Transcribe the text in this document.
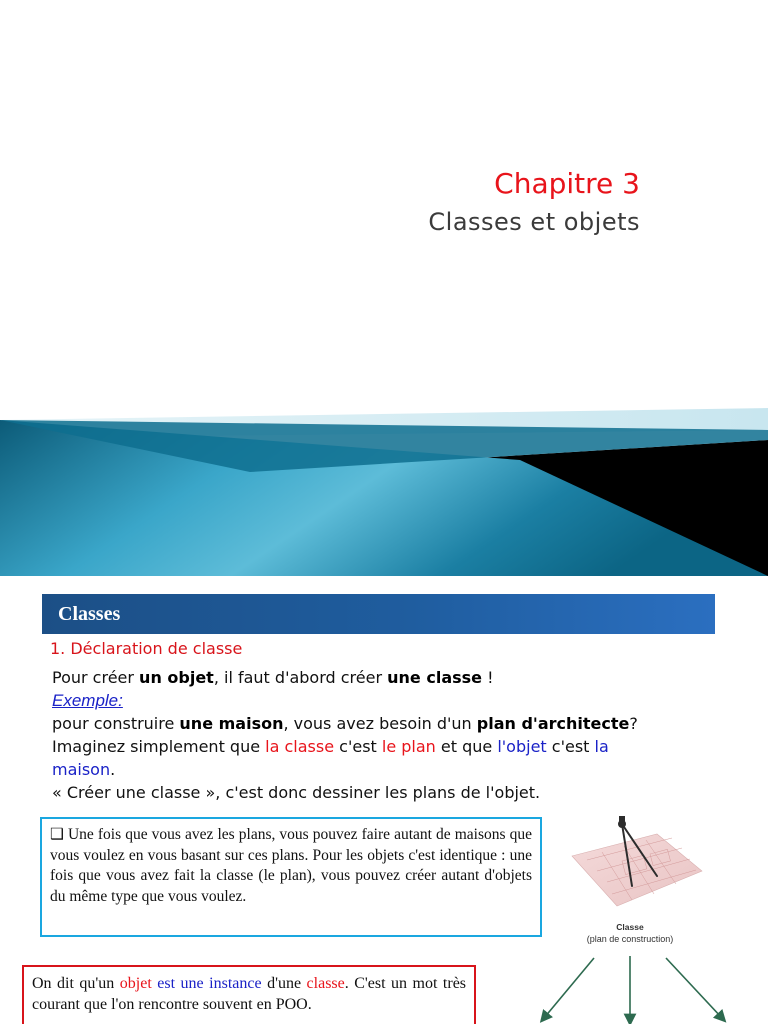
Chapitre 3
Classes et objets
Classes
1. Déclaration de classe

Pour créer un objet, il faut d'abord créer une classe !

Exemple:

pour construire une maison, vous avez besoin d'un plan d'architecte?

Imaginez simplement que la classe c'est le plan et que l'objet c'est la

maison.

« Créer une classe », c'est donc dessiner les plans de l'objet.

❑ Une fois que vous avez les plans, vous pouvez faire autant de maisons que vous voulez en vous basant sur ces plans. Pour les objets c'est identique : une fois que vous avez fait la classe (le plan), vous pouvez créer autant d'objets du même type que vous voulez.

Classe
(plan de construction)

On dit qu'un objet est une instance d'une classe. C'est un mot très courant que l'on rencontre souvent en POO.
